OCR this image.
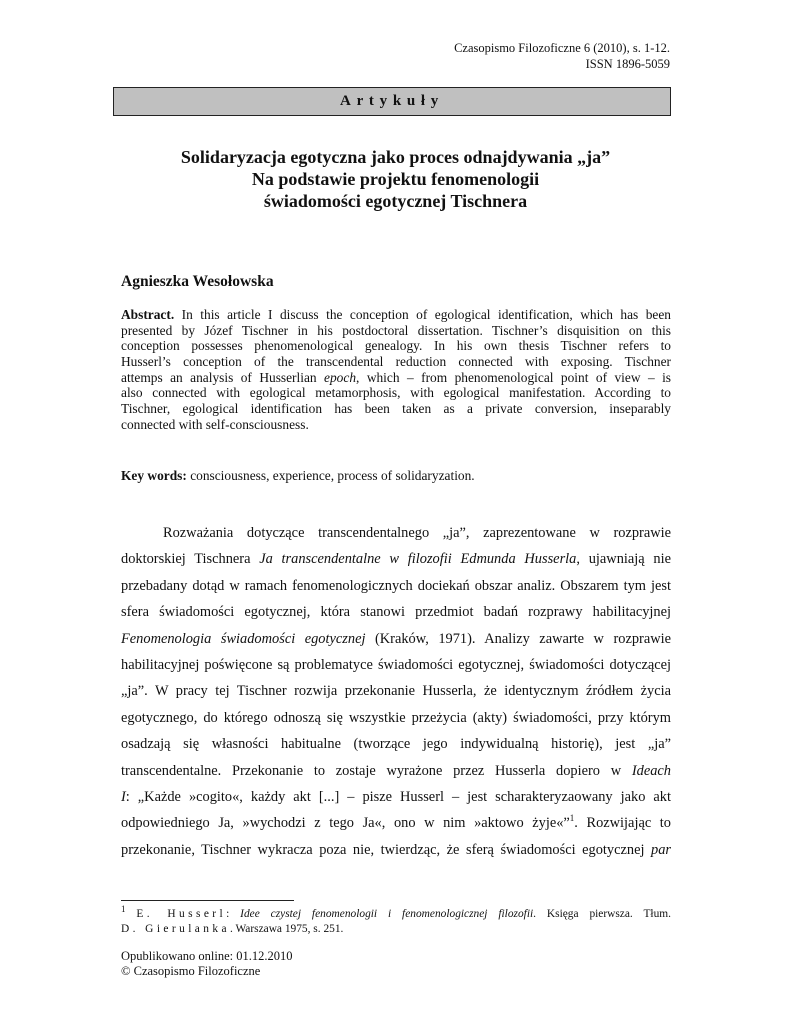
Czasopismo Filozoficzne 6 (2010), s. 1-12.
ISSN 1896-5059
Artykuły
Solidaryzacja egotyczna jako proces odnajdywania „ja”
Na podstawie projektu fenomenologii
świadomości egotycznej Tischnera
Agnieszka Wesołowska
Abstract. In this article I discuss the conception of egological identification, which has been
presented by Józef Tischner in his postdoctoral dissertation. Tischner’s disquisition on this
conception possesses phenomenological genealogy. In his own thesis Tischner refers to
Husserl’s conception of the transcendental reduction connected with exposing. Tischner
attemps an analysis of Husserlian epoch, which – from phenomenological point of view – is
also connected with egological metamorphosis, with egological manifestation. According to
Tischner, egological identification has been taken as a private conversion, inseparably
connected with self-consciousness.
Key words: consciousness, experience, process of solidaryzation.
Rozważania dotyczące transcendentalnego „ja”, zaprezentowane w rozprawie
doktorskiej Tischnera Ja transcendentalne w filozofii Edmunda Husserla, ujawniają nie
przebadany dotąd w ramach fenomenologicznych dociekań obszar analiz. Obszarem tym jest
sfera świadomości egotycznej, która stanowi przedmiot badań rozprawy habilitacyjnej
Fenomenologia świadomości egotycznej (Kraków, 1971). Analizy zawarte w rozprawie
habilitacyjnej poświęcone są problematyce świadomości egotycznej, świadomości dotyczącej
„ja”. W pracy tej Tischner rozwija przekonanie Husserla, że identycznym źródłem życia
egotycznego, do którego odnoszą się wszystkie przeżycia (akty) świadomości, przy którym
osadzają się własności habitualne (tworzące jego indywidualną historię), jest „ja”
transcendentalne. Przekonanie to zostaje wyrażone przez Husserla dopiero w Ideach
I: „Każde »cogito«, każdy akt [...] – pisze Husserl – jest scharakteryzaowany jako akt
odpowiedniego Ja, »wychodzi z tego Ja«, ono w nim »aktowo żyje«”$^1$. Rozwijając to
przekonanie, Tischner wykracza poza nie, twierdząc, że sferą świadomości egotycznej par
$^1$ E. Husserl: Idee czystej fenomenologii i fenomenologicznej filozofii. Księga pierwsza. Tłum.
D. Gierulanka. Warszawa 1975, s. 251.
Opublikowano online: 01.12.2010
© Czasopismo Filozoficzne
